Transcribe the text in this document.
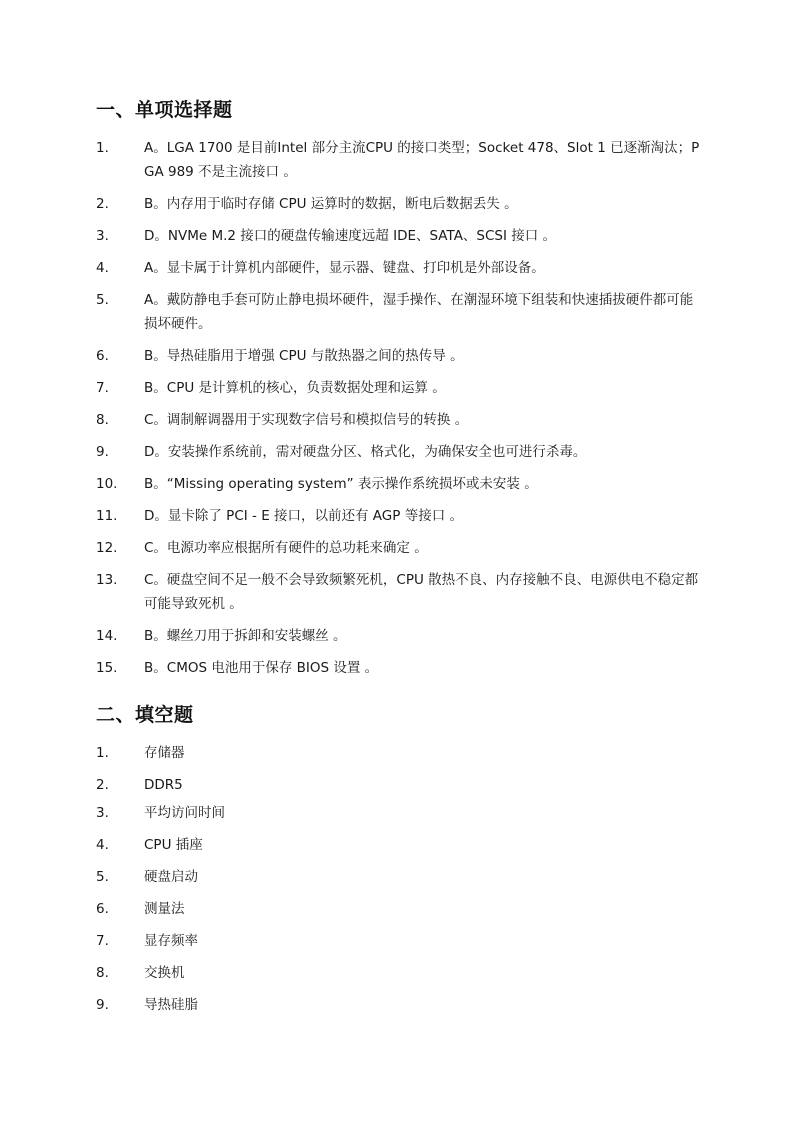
一、单项选择题
1.	A。LGA 1700 是目前Intel 部分主流CPU 的接口类型；Socket 478、Slot 1 已逐渐淘汰；PGA 989 不是主流接口 。
2.	B。内存用于临时存储 CPU 运算时的数据，断电后数据丢失 。
3.	D。NVMe M.2 接口的硬盘传输速度远超 IDE、SATA、SCSI 接口 。
4.	A。显卡属于计算机内部硬件，显示器、键盘、打印机是外部设备。
5.	A。戴防静电手套可防止静电损坏硬件，湿手操作、在潮湿环境下组装和快速插拔硬件都可能损坏硬件。
6.	B。导热硅脂用于增强 CPU 与散热器之间的热传导 。
7.	B。CPU 是计算机的核心，负责数据处理和运算 。
8.	C。调制解调器用于实现数字信号和模拟信号的转换 。
9.	D。安装操作系统前，需对硬盘分区、格式化，为确保安全也可进行杀毒。
10.	B。“Missing operating system” 表示操作系统损坏或未安装 。
11.	D。显卡除了 PCI - E 接口，以前还有 AGP 等接口 。
12.	C。电源功率应根据所有硬件的总功耗来确定 。
13.	C。硬盘空间不足一般不会导致频繁死机，CPU 散热不良、内存接触不良、电源供电不稳定都可能导致死机 。
14.	B。螺丝刀用于拆卸和安装螺丝 。
15.	B。CMOS 电池用于保存 BIOS 设置 。
二、填空题
1.	存储器
2.	DDR5
3.	平均访问时间
4.	CPU 插座
5.	硬盘启动
6.	测量法
7.	显存频率
8.	交换机
9.	导热硅脂
